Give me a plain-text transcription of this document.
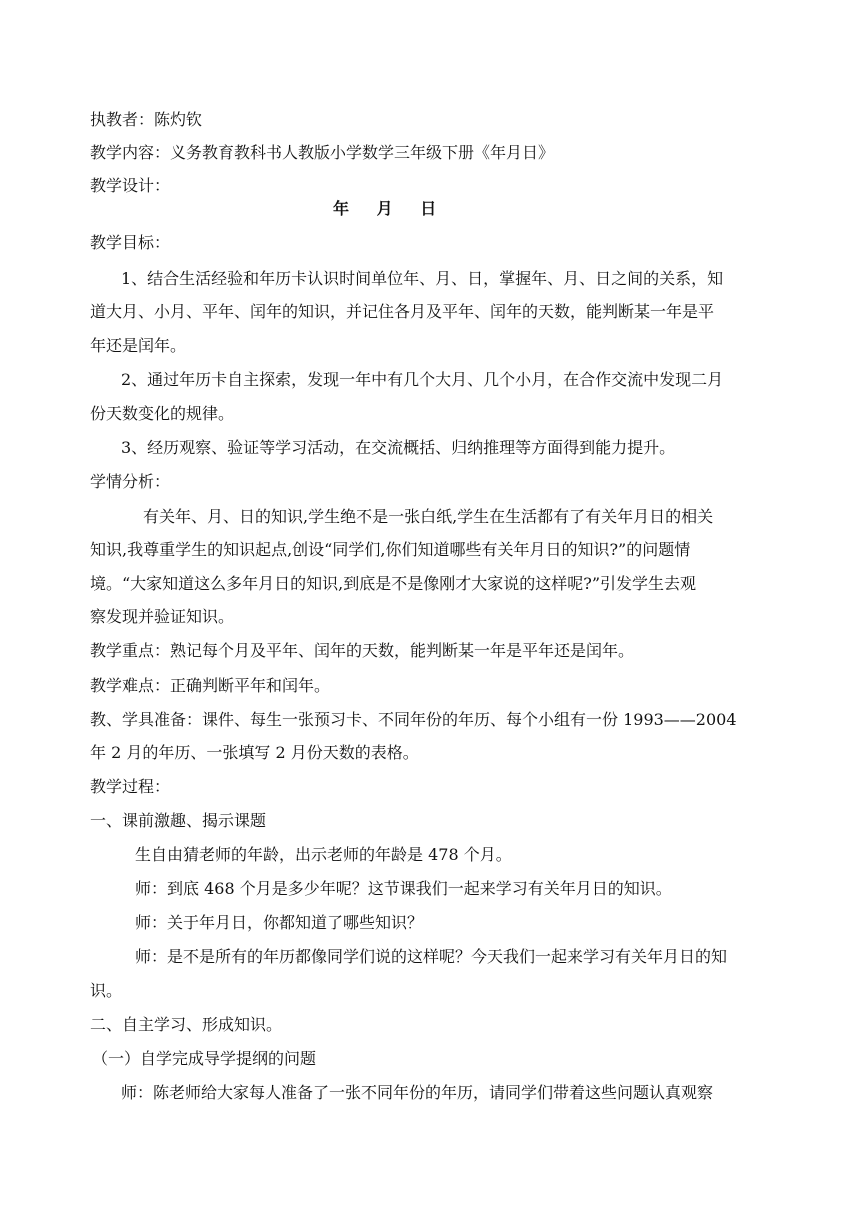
执教者：陈灼钦
教学内容：义务教育教科书人教版小学数学三年级下册《年月日》
教学设计：
年 月 日
教学目标：
1、结合生活经验和年历卡认识时间单位年、月、日，掌握年、月、日之间的关系，知
道大月、小月、平年、闰年的知识，并记住各月及平年、闰年的天数，能判断某一年是平
年还是闰年。
2、通过年历卡自主探索，发现一年中有几个大月、几个小月，在合作交流中发现二月
份天数变化的规律。
3、经历观察、验证等学习活动，在交流概括、归纳推理等方面得到能力提升。
学情分析：
有关年、月、日的知识,学生绝不是一张白纸,学生在生活都有了有关年月日的相关
知识,我尊重学生的知识起点,创设“同学们,你们知道哪些有关年月日的知识?”的问题情
境。“大家知道这么多年月日的知识,到底是不是像刚才大家说的这样呢?”引发学生去观
察发现并验证知识。
教学重点：熟记每个月及平年、闰年的天数，能判断某一年是平年还是闰年。
教学难点：正确判断平年和闰年。
教、学具准备：课件、每生一张预习卡、不同年份的年历、每个小组有一份 1993——2004
年 2 月的年历、一张填写 2 月份天数的表格。
教学过程：
一、课前激趣、揭示课题
生自由猜老师的年龄，出示老师的年龄是 478 个月。
师：到底 468 个月是多少年呢？这节课我们一起来学习有关年月日的知识。
师：关于年月日，你都知道了哪些知识？
师：是不是所有的年历都像同学们说的这样呢？今天我们一起来学习有关年月日的知
识。
二、自主学习、形成知识。
（一）自学完成导学提纲的问题
师：陈老师给大家每人准备了一张不同年份的年历，请同学们带着这些问题认真观察
